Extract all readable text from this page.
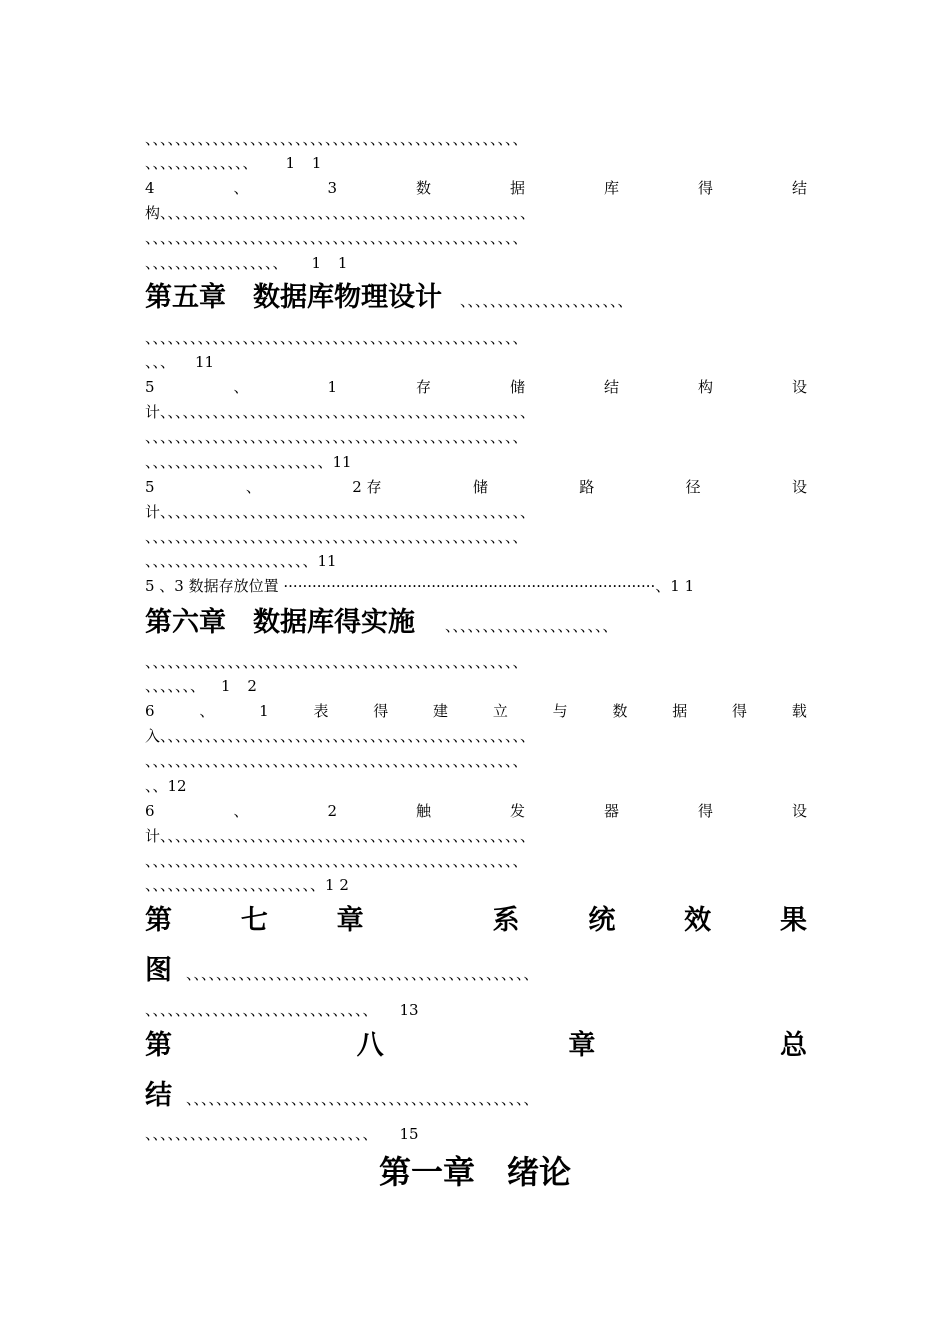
、、、、、、、、、、、、、、、、、、、、、、、、、、、、、、、、、、、、、、、、、、、、、、、、、、
、、、、、、、、、、、、、、 1 1
4	、	3	数	据	库	得	结
构、、、、、、、、、、、、、、、、、、、、、、、、、、、、、、、、、、、、、、、、、、、、、、、、、
、、、、、、、、、、、、、、、、、、、、、、、、、、、、、、、、、、、、、、、、、、、、、、、、、、
、、、、、、、、、、、、、、、、、、 1 1
第五章　数据库物理设计 、、、、、、、、、、、、、、、、、、、、、、
、、、、、、、、、、、、、、、、、、、、、、、、、、、、、、、、、、、、、、、、、、、、、、、、、、
、、、 11
5	、	1	存	储	结	构	设
计、、、、、、、、、、、、、、、、、、、、、、、、、、、、、、、、、、、、、、、、、、、、、、、、、
、、、、、、、、、、、、、、、、、、、、、、、、、、、、、、、、、、、、、、、、、、、、、、、、、、
、、、、、、、、、、、、、、、、、、、、、、、、11
5	、	2 存	储	路	径	设
计、、、、、、、、、、、、、、、、、、、、、、、、、、、、、、、、、、、、、、、、、、、、、、、、、
、、、、、、、、、、、、、、、、、、、、、、、、、、、、、、、、、、、、、、、、、、、、、、、、、、
、、、、、、、、、、、、、、、、、、、、、、11
5 、3 数据存放位置 ··············································································、1 1
第六章　数据库得实施 、、、、、、、、、、、、、、、、、、、、、、
、、、、、、、、、、、、、、、、、、、、、、、、、、、、、、、、、、、、、、、、、、、、、、、、、、
、、、、、、、 1 2
6	、	1	表	得	建	立	与	数	据	得	载
入、、、、、、、、、、、、、、、、、、、、、、、、、、、、、、、、、、、、、、、、、、、、、、、、、
、、、、、、、、、、、、、、、、、、、、、、、、、、、、、、、、、、、、、、、、、、、、、、、、、、
、、12
6	、	2	触	发	器	得	设
计、、、、、、、、、、、、、、、、、、、、、、、、、、、、、、、、、、、、、、、、、、、、、、、、、
、、、、、、、、、、、、、、、、、、、、、、、、、、、、、、、、、、、、、、、、、、、、、、、、、、
、、、、、、、、、、、、、、、、、、、、、、、1 2
第	七	章	系	统	效	果
图 、、、、、、、、、、、、、、、、、、、、、、、、、、、、、、、、、、、、、、、、、、、、、、
、、、、、、、、、、、、、、、、、、、、、、、、、、、、、、 13
第	八	章	总
结 、、、、、、、、、、、、、、、、、、、、、、、、、、、、、、、、、、、、、、、、、、、、、、
、、、、、、、、、、、、、、、、、、、、、、、、、、、、、、 15
第一章　绪论
